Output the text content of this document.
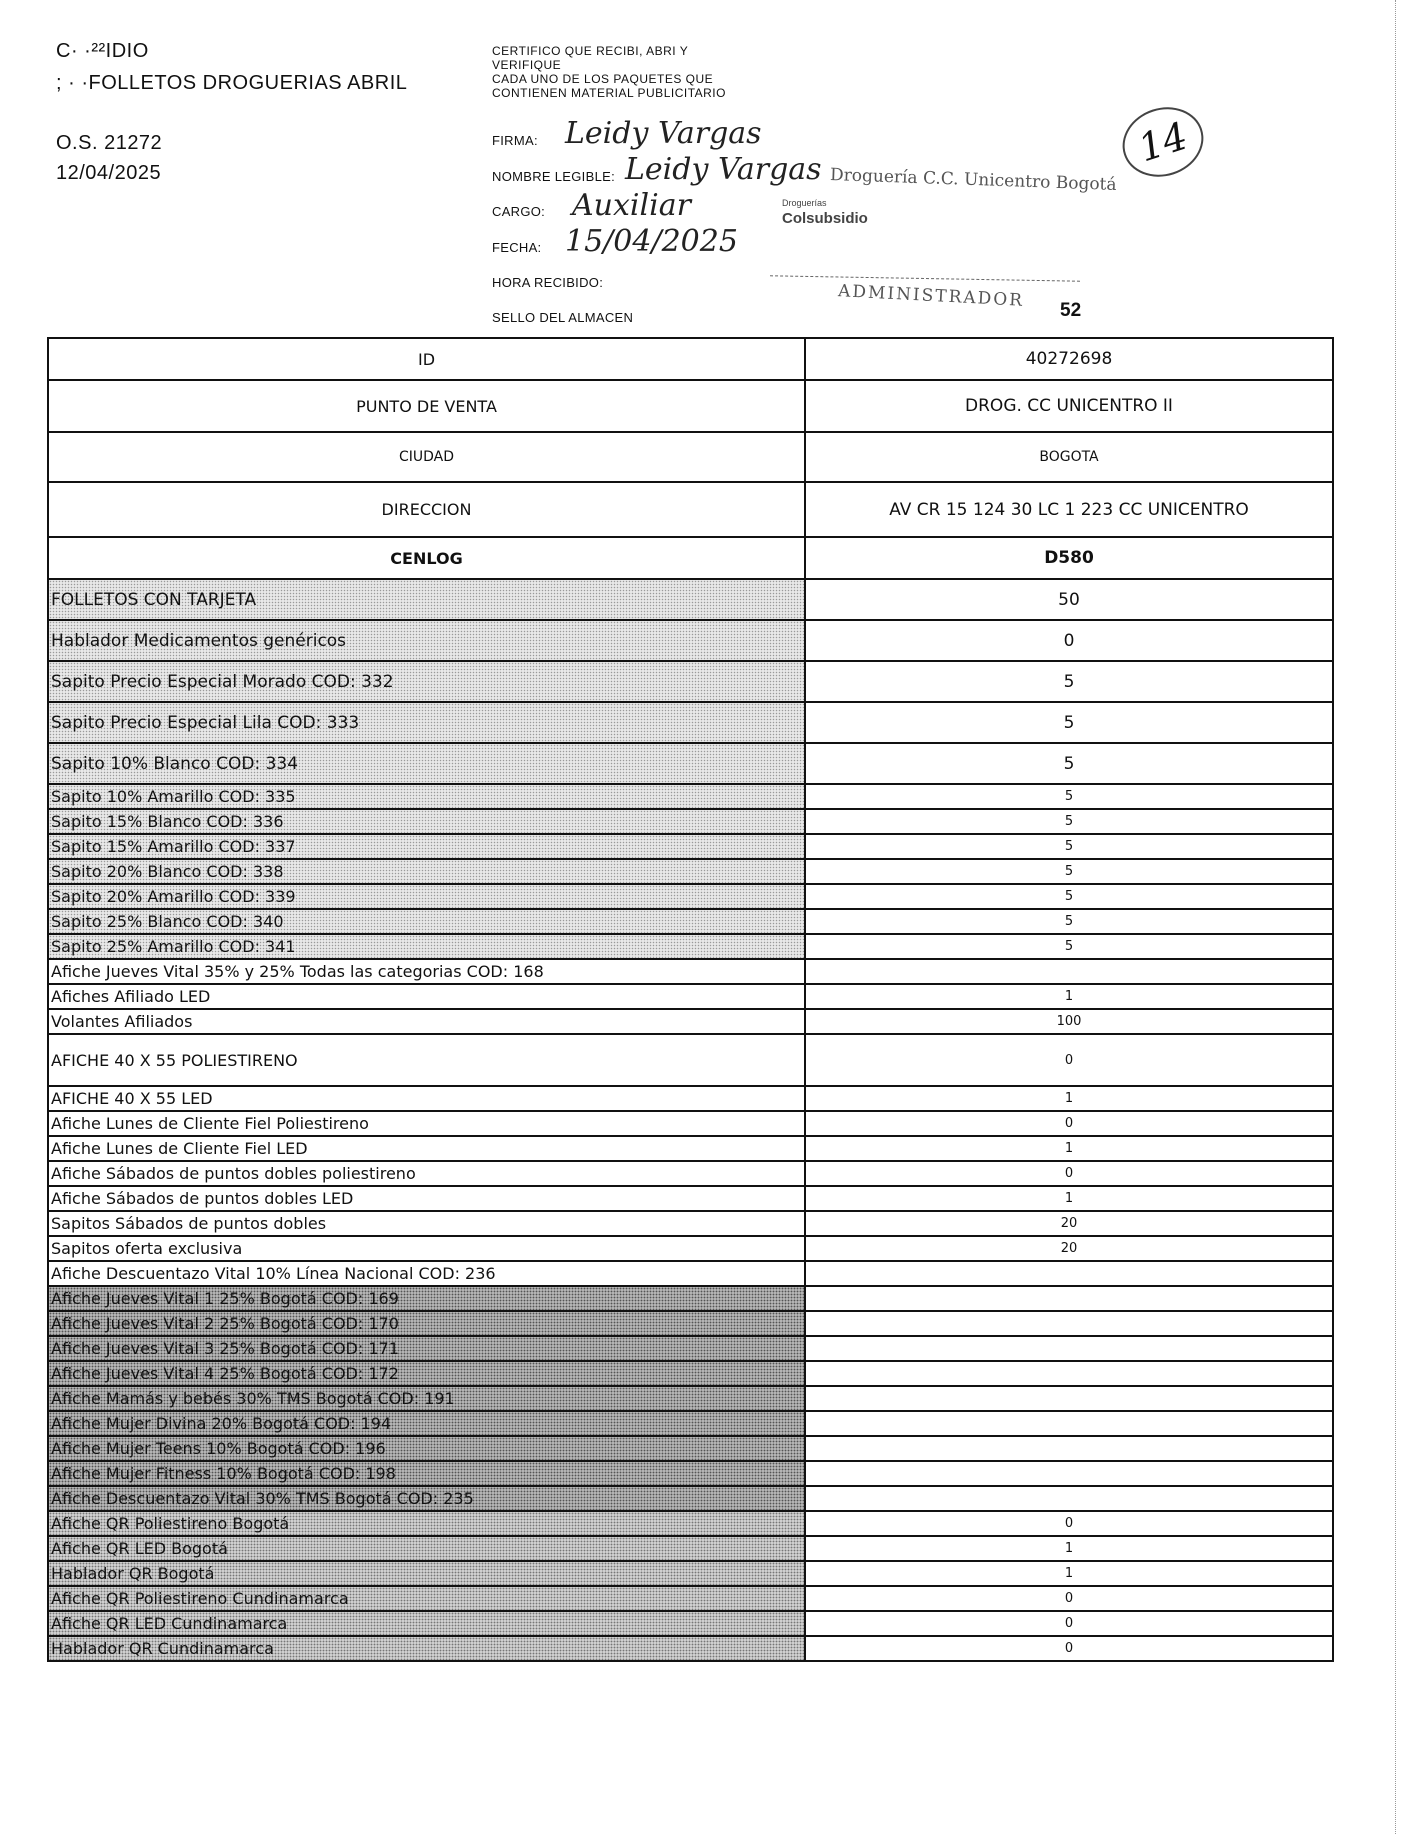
C· ·²²IDIO
; · ·FOLLETOS DROGUERIAS ABRIL
O.S. 21272
12/04/2025
CERTIFICO QUE RECIBI, ABRI Y
VERIFIQUE
CADA UNO DE LOS PAQUETES QUE
CONTIENEN MATERIAL PUBLICITARIO
FIRMA: Leidy Vargas
NOMBRE LEGIBLE: Leidy Vargas
CARGO: Auxiliar
FECHA: 15/04/2025
HORA RECIBIDO:
SELLO DEL ALMACEN
Droguería C.C. Unicentro Bogotá
Droguerías
Colsubsidio
ADMINISTRADOR 52
14
ID	40272698
PUNTO DE VENTA	DROG. CC UNICENTRO II
CIUDAD	BOGOTA
DIRECCION	AV CR 15 124 30 LC 1 223 CC UNICENTRO
CENLOG	D580
FOLLETOS CON TARJETA	50
Hablador Medicamentos genéricos	0
Sapito Precio Especial Morado COD: 332	5
Sapito Precio Especial Lila COD: 333	5
Sapito 10% Blanco COD: 334	5
Sapito 10% Amarillo COD: 335	5
Sapito 15% Blanco COD: 336	5
Sapito 15% Amarillo COD: 337	5
Sapito 20% Blanco COD: 338	5
Sapito 20% Amarillo COD: 339	5
Sapito 25% Blanco COD: 340	5
Sapito 25% Amarillo COD: 341	5
Afiche Jueves Vital 35% y 25% Todas las categorias COD: 168	
Afiches Afiliado LED	1
Volantes Afiliados	100
AFICHE 40 X 55 POLIESTIRENO	0
AFICHE 40 X 55 LED	1
Afiche Lunes de Cliente Fiel Poliestireno	0
Afiche Lunes de Cliente Fiel LED	1
Afiche Sábados de puntos dobles poliestireno	0
Afiche Sábados de puntos dobles LED	1
Sapitos Sábados de puntos dobles	20
Sapitos oferta exclusiva	20
Afiche Descuentazo Vital 10% Línea Nacional COD: 236	
Afiche Jueves Vital 1 25% Bogotá COD: 169	
Afiche Jueves Vital 2 25% Bogotá COD: 170	
Afiche Jueves Vital 3 25% Bogotá COD: 171	
Afiche Jueves Vital 4 25% Bogotá COD: 172	
Afiche Mamás y bebés 30% TMS Bogotá COD: 191	
Afiche Mujer Divina 20% Bogotá COD: 194	
Afiche Mujer Teens 10% Bogotá COD: 196	
Afiche Mujer Fitness 10% Bogotá COD: 198	
Afiche Descuentazo Vital 30% TMS Bogotá COD: 235	
Afiche QR Poliestireno Bogotá	0
Afiche QR LED Bogotá	1
Hablador QR Bogotá	1
Afiche QR Poliestireno Cundinamarca	0
Afiche QR LED Cundinamarca	0
Hablador QR Cundinamarca	0
